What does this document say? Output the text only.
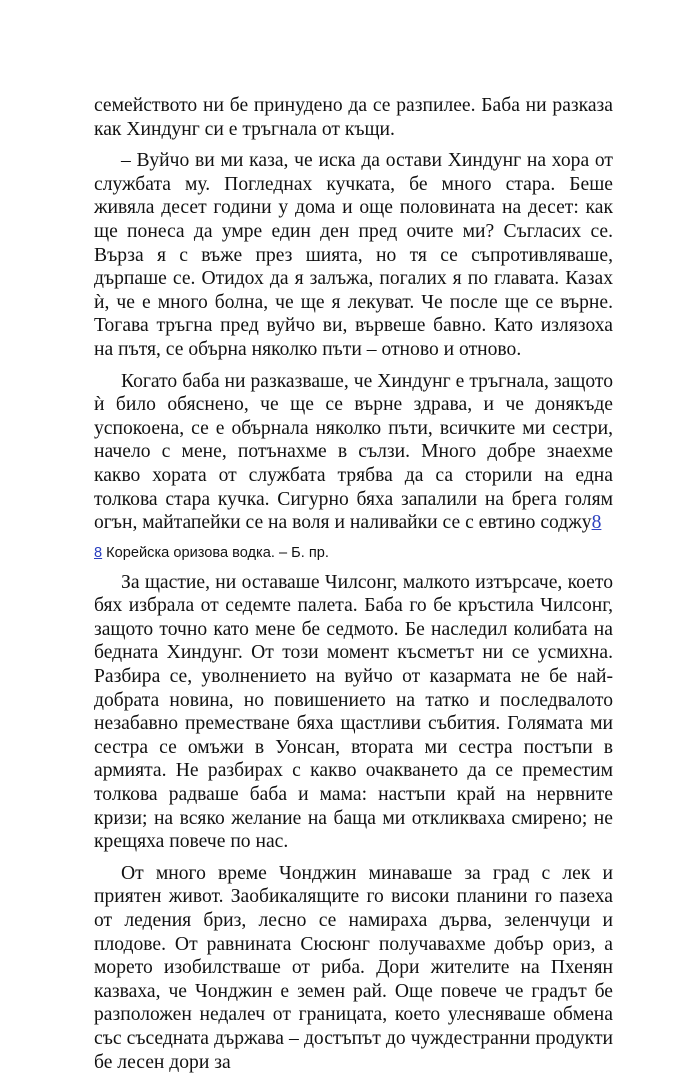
семейството ни бе принудено да се разпилее. Баба ни разказа как Хиндунг си е тръгнала от къщи.

– Вуйчо ви ми каза, че иска да остави Хиндунг на хора от службата му. Погледнах кучката, бе много стара. Беше живяла десет години у дома и още половината на десет: как ще понеса да умре един ден пред очите ми? Съгласих се. Върза я с въже през шията, но тя се съпротивляваше, дърпаше се. Отидох да я залъжа, погалих я по главата. Казах ѝ, че е много болна, че ще я лекуват. Че после ще се върне. Тогава тръгна пред вуйчо ви, вървеше бавно. Като излязоха на пътя, се обърна няколко пъти – отново и отново.

Когато баба ни разказваше, че Хиндунг е тръгнала, защото ѝ било обяснено, че ще се върне здрава, и че донякъде успокоена, се е обърнала няколко пъти, всичките ми сестри, начело с мене, потънахме в сълзи. Много добре знаехме какво хората от службата трябва да са сторили на една толкова стара кучка. Сигурно бяха запалили на брега голям огън, майтапейки се на воля и наливайки се с евтино соджу8

8 Корейска оризова водка. – Б. пр.

За щастие, ни оставаше Чилсонг, малкото изтърсаче, което бях избрала от седемте палета. Баба го бе кръстила Чилсонг, защото точно като мене бе седмото. Бе наследил колибата на бедната Хиндунг. От този момент късметът ни се усмихна. Разбира се, уволнението на вуйчо от казармата не бе най-добрата новина, но повишението на татко и последвалото незабавно преместване бяха щастливи събития. Голямата ми сестра се омъжи в Уонсан, втората ми сестра постъпи в армията. Не разбирах с какво очакването да се преместим толкова радваше баба и мама: настъпи край на нервните кризи; на всяко желание на баща ми откликваха смирено; не крещяха повече по нас.

От много време Чонджин минаваше за град с лек и приятен живот. Заобикалящите го високи планини го пазеха от ледения бриз, лесно се намираха дърва, зеленчуци и плодове. От равнината Сюсюнг получавахме добър ориз, а морето изобилстваше от риба. Дори жителите на Пхенян казваха, че Чонджин е земен рай. Още повече че градът бе разположен недалеч от границата, което улесняваше обмена със съседната държава – достъпът до чуждестранни продукти бе лесен дори за
